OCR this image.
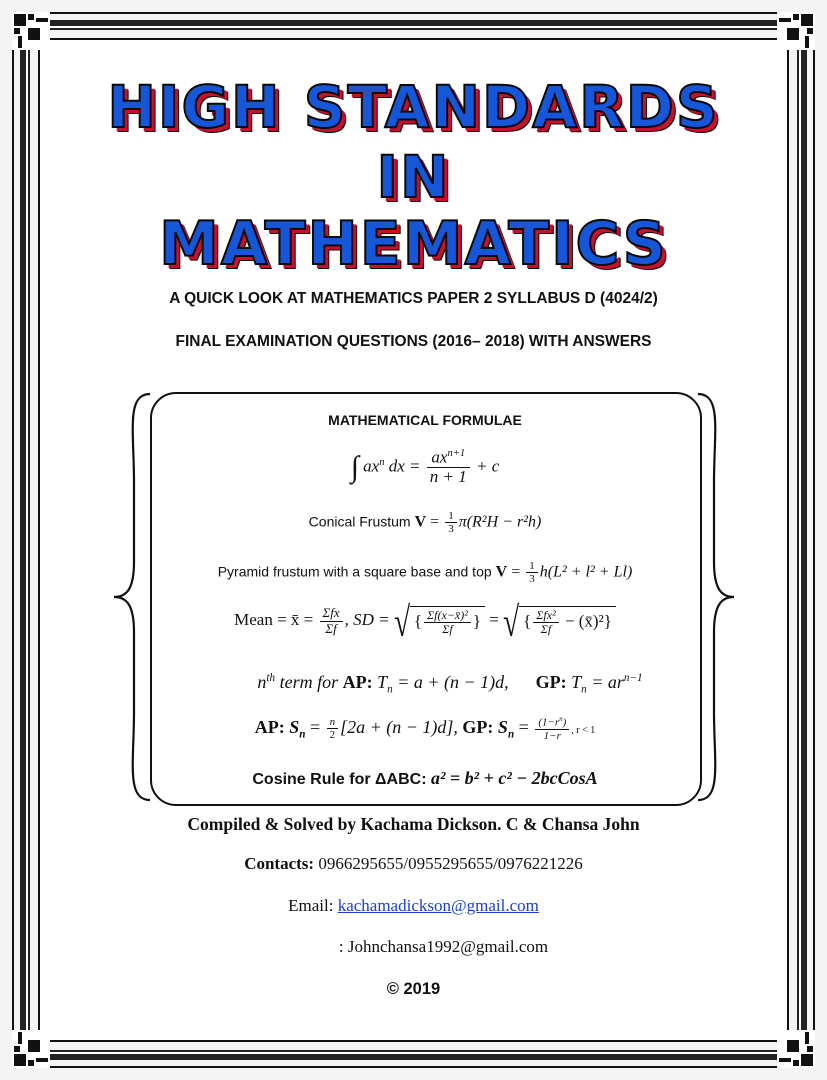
HIGH STANDARDS
IN
MATHEMATICS
A QUICK LOOK AT MATHEMATICS PAPER 2 SYLLABUS D (4024/2)
FINAL EXAMINATION QUESTIONS (2016– 2018) WITH ANSWERS
MATHEMATICAL FORMULAE
∫ $ax^n$ dx = $\frac{ax^{n+1}}{n + 1} + c$
Conical Frustum $V = \frac{1}{3} \pi(R^2H - r^2h)$
Pyramid frustum with a square base and top $V = \frac{1}{3} h(L^2 + l^2 + Ll)$
Mean = x̄ = $\frac{\text{Σfx}}{\Sigma f}$ , SD = √ { $\frac{\text{Σf(x−x̄)²}}{\Sigma f}$ } = √ { $\frac{\text{Σfx²}}{\Sigma f}$ − (x̄)²}
$n^{th}$ term for AP: $T_n = a + (n - 1)d$, GP: $T_n = ar^{n-1}$
AP: $S_n = \frac{n}{2} [2a + (n - 1)d]$, GP: $S_n = \frac{(1-r^n)}{1-r}$ , r < 1
Cosine Rule for ΔABC: a² = b² + c² − 2bcCosA
Compiled & Solved by Kachama Dickson. C & Chansa John
Contacts: 0966295655/0955295655/0976221226
Email: kachamadickson@gmail.com
: Johnchansa1992@gmail.com
© 2019
